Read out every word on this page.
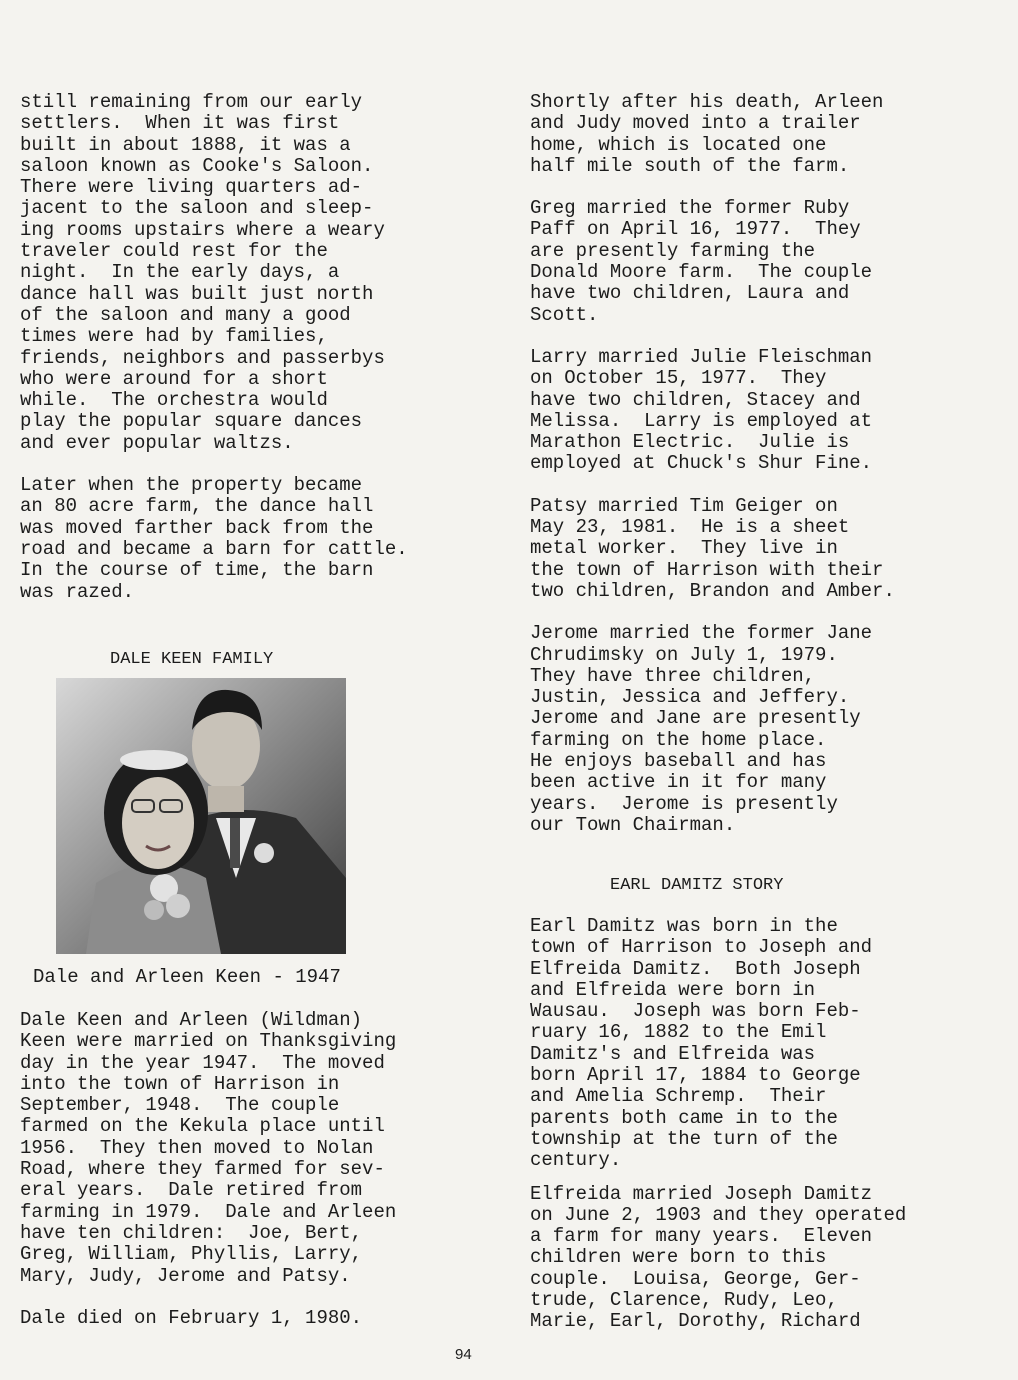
still remaining from our early
settlers.  When it was first
built in about 1888, it was a
saloon known as Cooke's Saloon.
There were living quarters ad-
jacent to the saloon and sleep-
ing rooms upstairs where a weary
traveler could rest for the
night.  In the early days, a
dance hall was built just north
of the saloon and many a good
times were had by families,
friends, neighbors and passerbys
who were around for a short
while.  The orchestra would
play the popular square dances
and ever popular waltzs.

Later when the property became
an 80 acre farm, the dance hall
was moved farther back from the
road and became a barn for cattle.
In the course of time, the barn
was razed.

DALE KEEN FAMILY

Dale and Arleen Keen - 1947

Dale Keen and Arleen (Wildman)
Keen were married on Thanksgiving
day in the year 1947.  The moved
into the town of Harrison in
September, 1948.  The couple
farmed on the Kekula place until
1956.  They then moved to Nolan
Road, where they farmed for sev-
eral years.  Dale retired from
farming in 1979.  Dale and Arleen
have ten children:  Joe, Bert,
Greg, William, Phyllis, Larry,
Mary, Judy, Jerome and Patsy.

Dale died on February 1, 1980.

Shortly after his death, Arleen
and Judy moved into a trailer
home, which is located one
half mile south of the farm.

Greg married the former Ruby
Paff on April 16, 1977.  They
are presently farming the
Donald Moore farm.  The couple
have two children, Laura and
Scott.

Larry married Julie Fleischman
on October 15, 1977.  They
have two children, Stacey and
Melissa.  Larry is employed at
Marathon Electric.  Julie is
employed at Chuck's Shur Fine.

Patsy married Tim Geiger on
May 23, 1981.  He is a sheet
metal worker.  They live in
the town of Harrison with their
two children, Brandon and Amber.

Jerome married the former Jane
Chrudimsky on July 1, 1979.
They have three children,
Justin, Jessica and Jeffery.
Jerome and Jane are presently
farming on the home place.
He enjoys baseball and has
been active in it for many
years.  Jerome is presently
our Town Chairman.

EARL DAMITZ STORY

Earl Damitz was born in the
town of Harrison to Joseph and
Elfreida Damitz.  Both Joseph
and Elfreida were born in
Wausau.  Joseph was born Feb-
ruary 16, 1882 to the Emil
Damitz's and Elfreida was
born April 17, 1884 to George
and Amelia Schremp.  Their
parents both came in to the
township at the turn of the
century.

Elfreida married Joseph Damitz
on June 2, 1903 and they operated
a farm for many years.  Eleven
children were born to this
couple.  Louisa, George, Ger-
trude, Clarence, Rudy, Leo,
Marie, Earl, Dorothy, Richard

94
